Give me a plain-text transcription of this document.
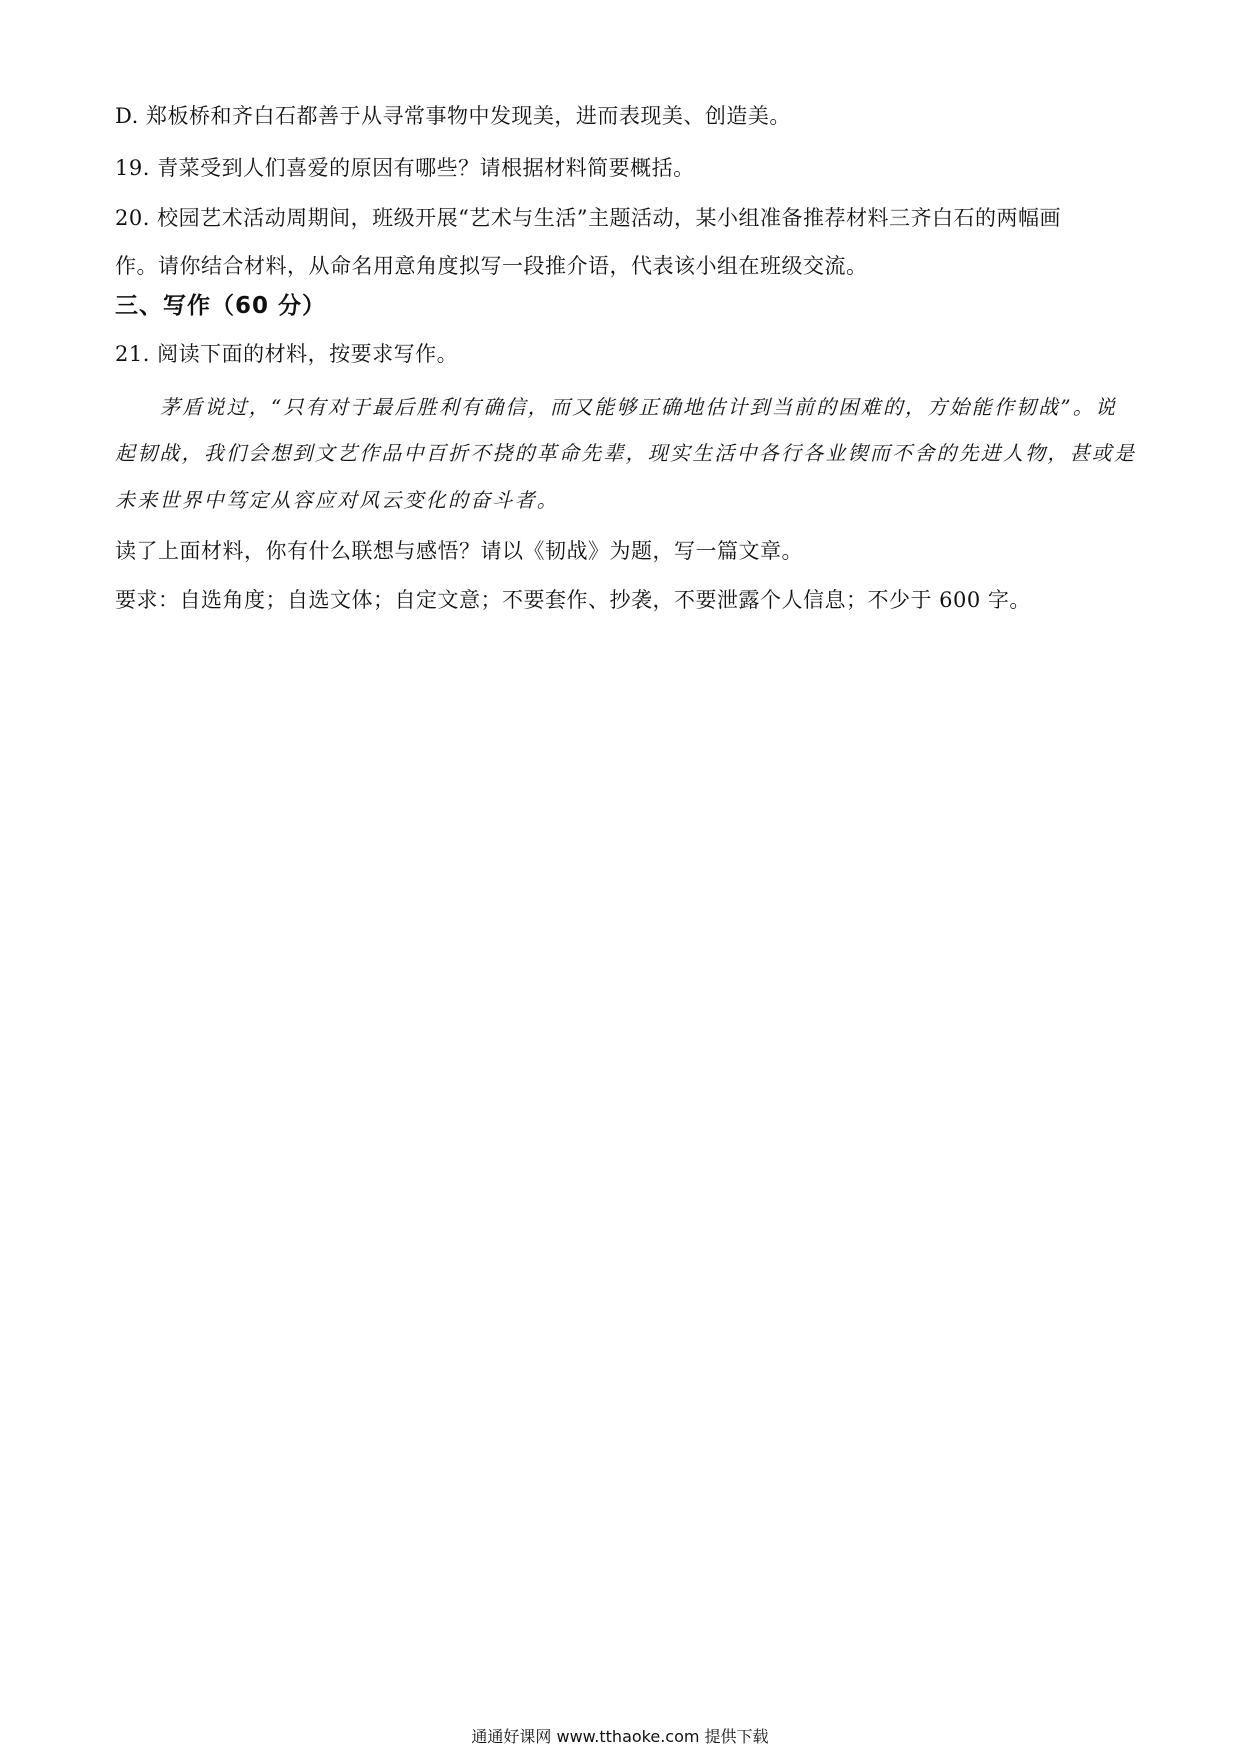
D. 郑板桥和齐白石都善于从寻常事物中发现美，进而表现美、创造美。
19. 青菜受到人们喜爱的原因有哪些？请根据材料简要概括。
20. 校园艺术活动周期间，班级开展“艺术与生活”主题活动，某小组准备推荐材料三齐白石的两幅画
作。请你结合材料，从命名用意角度拟写一段推介语，代表该小组在班级交流。
三、写作（60 分）
21. 阅读下面的材料，按要求写作。
茅盾说过，“只有对于最后胜利有确信，而又能够正确地估计到当前的困难的，方始能作韧战”。说
起韧战，我们会想到文艺作品中百折不挠的革命先辈，现实生活中各行各业锲而不舍的先进人物，甚或是
未来世界中笃定从容应对风云变化的奋斗者。
读了上面材料，你有什么联想与感悟？请以《韧战》为题，写一篇文章。
要求：自选角度；自选文体；自定文意；不要套作、抄袭，不要泄露个人信息；不少于 600 字。
通通好课网 www.tthaoke.com 提供下载
